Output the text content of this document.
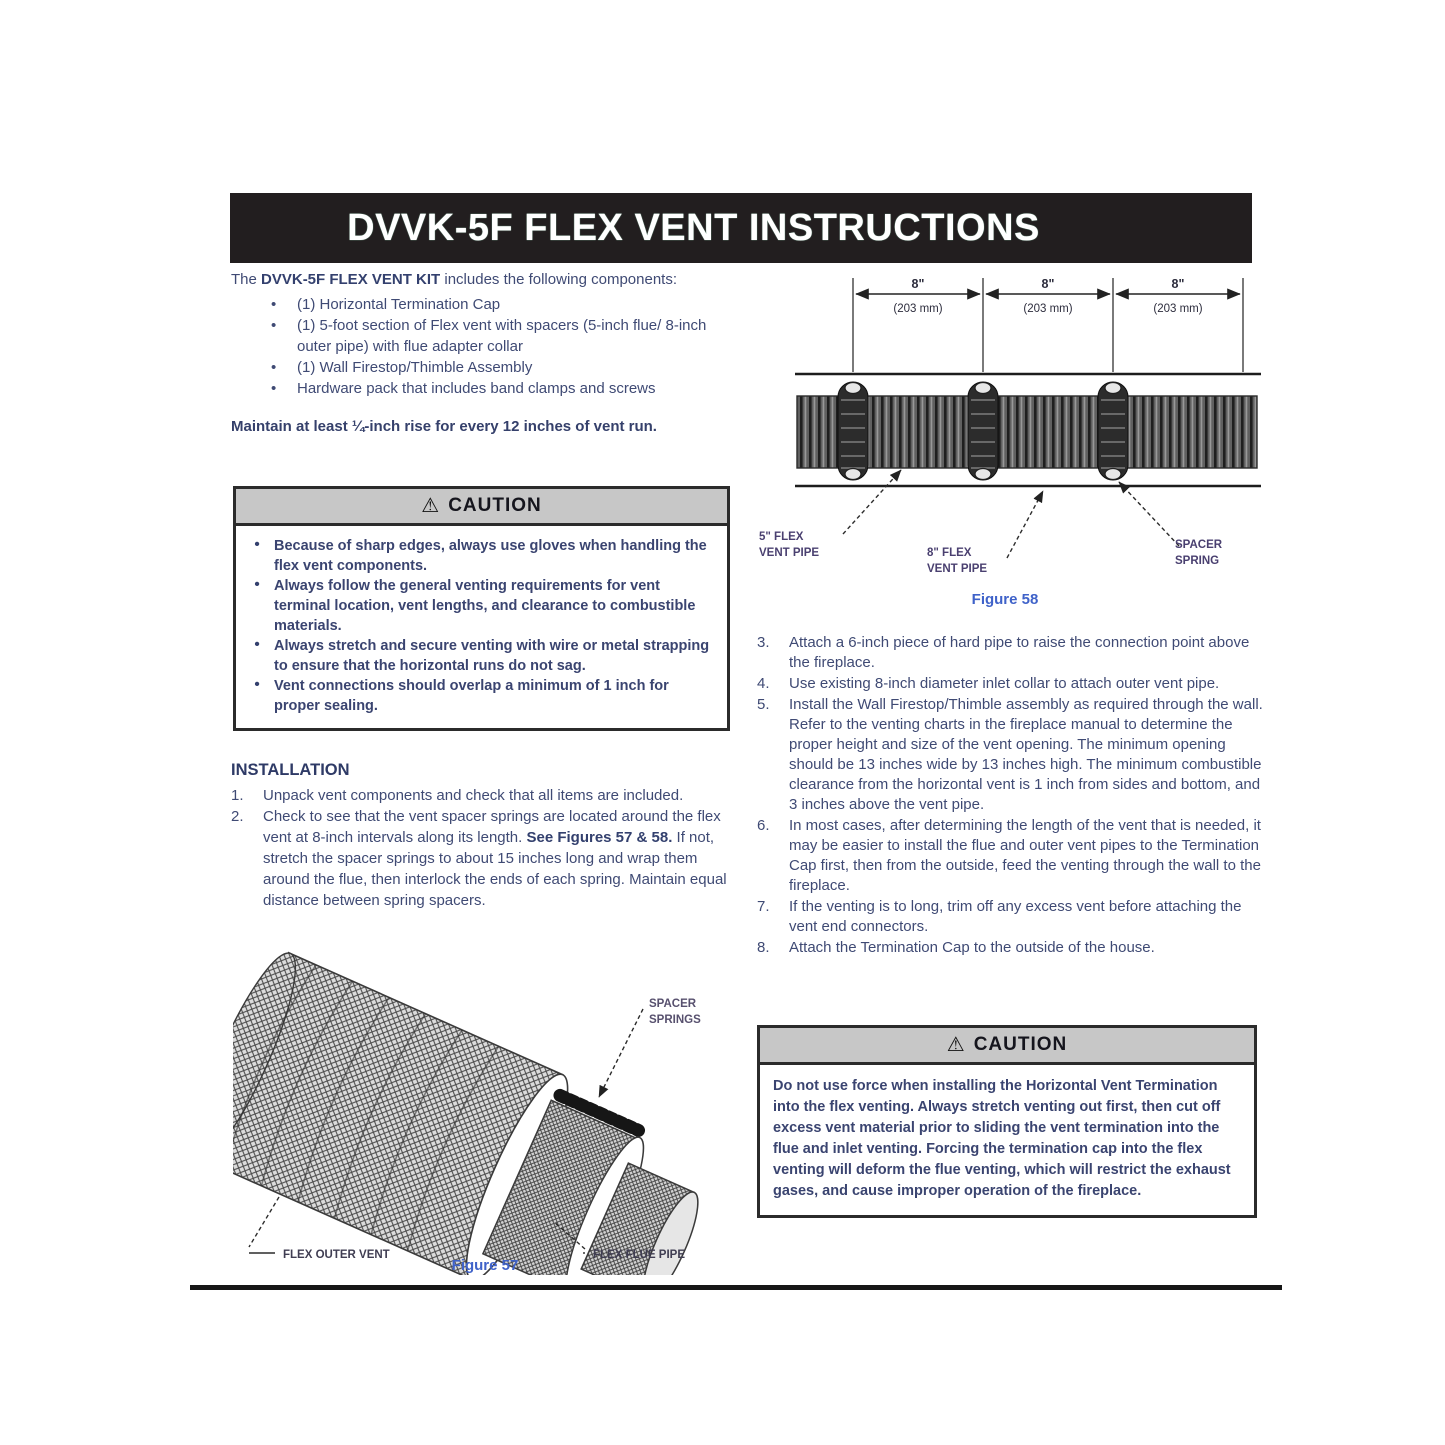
DVVK-5F FLEX VENT INSTRUCTIONS
The DVVK-5F FLEX VENT KIT includes the following components:
•	(1) Horizontal Termination Cap
•	(1) 5-foot section of Flex vent with spacers (5-inch flue/ 8-inch outer pipe) with flue adapter collar
•	(1) Wall Firestop/Thimble Assembly
•	Hardware pack that includes band clamps and screws
Maintain at least ¼-inch rise for every 12 inches of vent run.
⚠ CAUTION
• Because of sharp edges, always use gloves when handling the flex vent components.
• Always follow the general venting requirements for vent terminal location, vent lengths, and clearance to combustible materials.
• Always stretch and secure venting with wire or metal strapping to ensure that the horizontal runs do not sag.
• Vent connections should overlap a minimum of 1 inch for proper sealing.
INSTALLATION
1.	Unpack vent components and check that all items are included.
2.	Check to see that the vent spacer springs are located around the flex vent at 8-inch intervals along its length. See Figures 57 & 58. If not, stretch the spacer springs to about 15 inches long and wrap them around the flue, then interlock the ends of each spring. Maintain equal distance between spring spacers.
8"
(203 mm)
8"
(203 mm)
8"
(203 mm)
5" FLEX
VENT PIPE	8" FLEX
VENT PIPE
SPACER
SPRING
Figure 58
3.	Attach a 6-inch piece of hard pipe to raise the connection point above the fireplace.
4.	Use existing 8-inch diameter inlet collar to attach outer vent pipe.
5.	Install the Wall Firestop/Thimble assembly as required through the wall. Refer to the venting charts in the fireplace manual to determine the proper height and size of the vent opening. The minimum opening should be 13 inches wide by 13 inches high. The minimum combustible clearance from the horizontal vent is 1 inch from sides and bottom, and 3 inches above the vent pipe.
6.	In most cases, after determining the length of the vent that is needed, it may be easier to install the flue and outer vent pipes to the Termination Cap first, then from the outside, feed the venting through the wall to the fireplace.
7.	If the venting is to long, trim off any excess vent before attaching the vent end connectors.
8.	Attach the Termination Cap to the outside of the house.
⚠ CAUTION
Do not use force when installing the Horizontal Vent Termination into the flex venting. Always stretch venting out first, then cut off excess vent material prior to sliding the vent termination into the flue and inlet venting. Forcing the termination cap into the flex venting will deform the flue venting, which will restrict the exhaust gases, and cause improper operation of the fireplace.
SPACER
SPRINGS
FLEX OUTER VENT	FLEX FLUE PIPE
Figure 57
